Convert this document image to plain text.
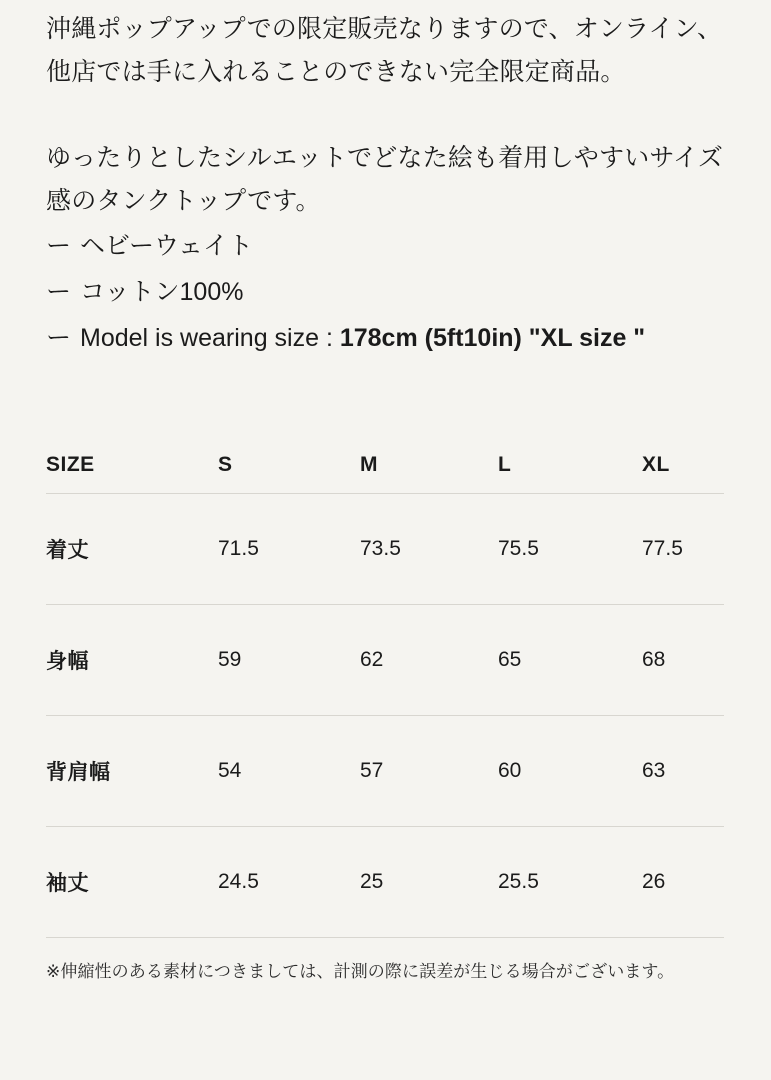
沖縄ポップアップでの限定販売なりますので、オンライン、他店では手に入れることのできない完全限定商品。

ゆったりとしたシルエットでどなた絵も着用しやすいサイズ感のタンクトップです。

ー ヘビーウェイト
ー コットン100%
ー Model is wearing size : 178cm (5ft10in) "XL size "
SIZE	S	M	L	XL
着丈	71.5	73.5	75.5	77.5
身幅	59	62	65	68
背肩幅	54	57	60	63
袖丈	24.5	25	25.5	26
※伸縮性のある素材につきましては、計測の際に誤差が生じる場合がございます。
